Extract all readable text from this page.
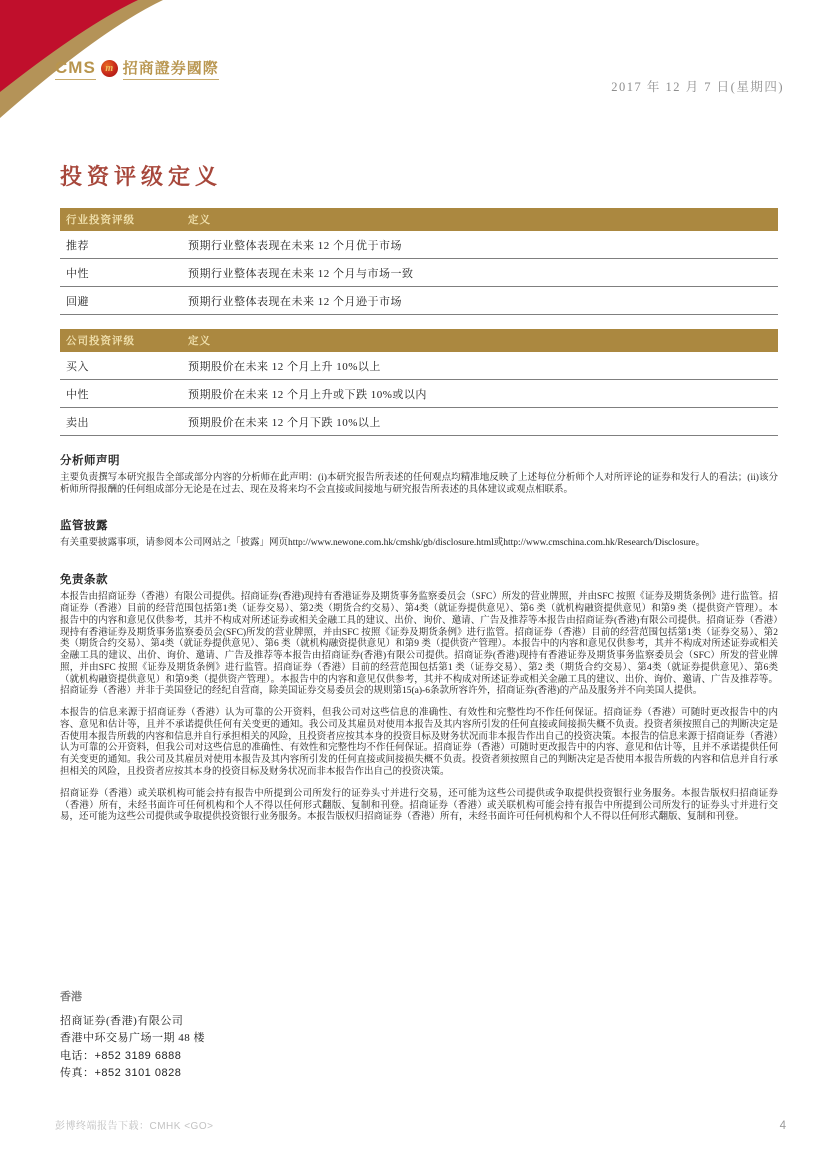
CMS m 招商證券國際
2017 年 12 月 7 日(星期四)
投资评级定义
行业投资评级	定义
推荐	预期行业整体表现在未来 12 个月优于市场
中性	预期行业整体表现在未来 12 个月与市场一致
回避	预期行业整体表现在未来 12 个月逊于市场
公司投资评级	定义
买入	预期股价在未来 12 个月上升 10%以上
中性	预期股价在未来 12 个月上升或下跌 10%或以内
卖出	预期股价在未来 12 个月下跌 10%以上
分析师声明

主要负责撰写本研究报告全部或部分内容的分析师在此声明：(i)本研究报告所表述的任何观点均精准地反映了上述每位分析师个人对所评论的证券和发行人的看法；(ii)该分析师所得报酬的任何组成部分无论是在过去、现在及将来均不会直接或间接地与研究报告所表述的具体建议或观点相联系。

监管披露

有关重要披露事项，请参阅本公司网站之「披露」网页http://www.newone.com.hk/cmshk/gb/disclosure.html或http://www.cmschina.com.hk/Research/Disclosure。

免责条款

本报告由招商证券（香港）有限公司提供。招商证券(香港)现持有香港证券及期货事务监察委员会（SFC）所发的营业牌照，并由SFC 按照《证券及期货条例》进行监管。招商证券（香港）目前的经营范围包括第1类（证券交易）、第2类（期货合约交易）、第4类（就证券提供意见）、第6 类（就机构融资提供意见）和第9 类（提供资产管理）。本报告中的内容和意见仅供参考，其并不构成对所述证券或相关金融工具的建议、出价、询价、邀请、广告及推荐等本报告由招商证券(香港)有限公司提供。招商证券（香港）现持有香港证券及期货事务监察委员会(SFC)所发的营业牌照，并由SFC 按照《证券及期货条例》进行监管。招商证券（香港）目前的经营范围包括第1类（证券交易）、第2类（期货合约交易）、第4类（就证券提供意见）、第6 类（就机构融资提供意见）和第9 类（提供资产管理）。本报告中的内容和意见仅供参考，其并不构成对所述证券或相关金融工具的建议、出价、询价、邀请、广告及推荐等本报告由招商证券(香港)有限公司提供。招商证券(香港)现持有香港证券及期货事务监察委员会（SFC）所发的营业牌照，并由SFC 按照《证券及期货条例》进行监管。招商证券（香港）目前的经营范围包括第1 类（证券交易）、第2 类（期货合约交易）、第4类（就证券提供意见）、第6类（就机构融资提供意见）和第9类（提供资产管理）。本报告中的内容和意见仅供参考，其并不构成对所述证券或相关金融工具的建议、出价、询价、邀请、广告及推荐等。招商证券（香港）并非于美国登记的经纪自营商，除美国证券交易委员会的规则第15(a)-6条款所容许外，招商证券(香港)的产品及服务并不向美国人提供。

本报告的信息来源于招商证券（香港）认为可靠的公开资料，但我公司对这些信息的准确性、有效性和完整性均不作任何保证。招商证券（香港）可随时更改报告中的内容、意见和估计等，且并不承诺提供任何有关变更的通知。我公司及其雇员对使用本报告及其内容所引发的任何直接或间接损失概不负责。投资者须按照自己的判断决定是否使用本报告所载的内容和信息并自行承担相关的风险，且投资者应按其本身的投资目标及财务状况而非本报告作出自己的投资决策。本报告的信息来源于招商证券（香港）认为可靠的公开资料，但我公司对这些信息的准确性、有效性和完整性均不作任何保证。招商证券（香港）可随时更改报告中的内容、意见和估计等，且并不承诺提供任何有关变更的通知。我公司及其雇员对使用本报告及其内容所引发的任何直接或间接损失概不负责。投资者须按照自己的判断决定是否使用本报告所载的内容和信息并自行承担相关的风险，且投资者应按其本身的投资目标及财务状况而非本报告作出自己的投资决策。

招商证券（香港）或关联机构可能会持有报告中所提到公司所发行的证券头寸并进行交易，还可能为这些公司提供或争取提供投资银行业务服务。本报告版权归招商证券（香港）所有，未经书面许可任何机构和个人不得以任何形式翻版、复制和刊登。招商证券（香港）或关联机构可能会持有报告中所提到公司所发行的证券头寸并进行交易，还可能为这些公司提供或争取提供投资银行业务服务。本报告版权归招商证券（香港）所有，未经书面许可任何机构和个人不得以任何形式翻版、复制和刊登。

香港
招商证券(香港)有限公司
香港中环交易广场一期 48 楼
电话：+852 3189 6888
传真：+852 3101 0828
彭博终端报告下载：CMHK <GO>	4
